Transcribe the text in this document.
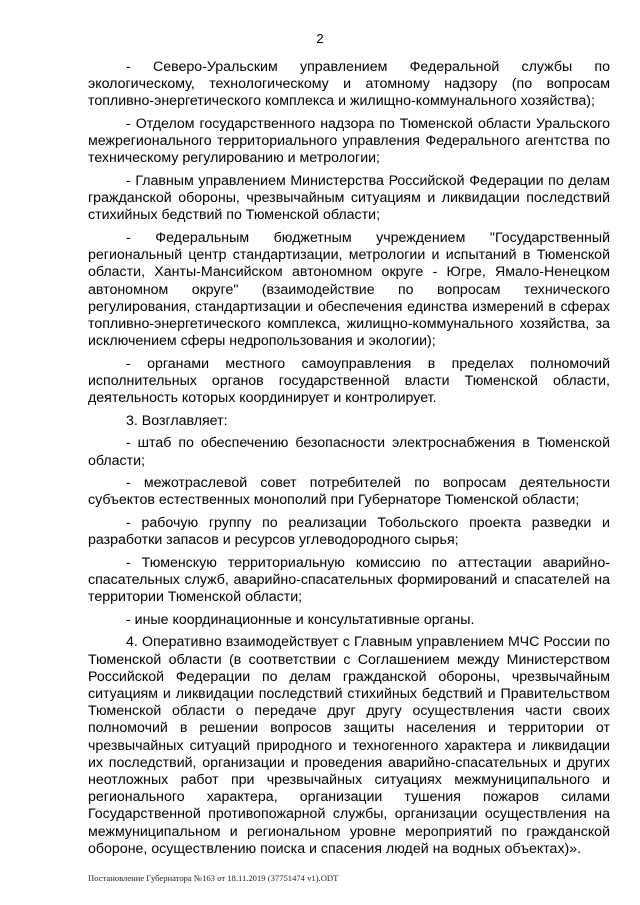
2

- Северо-Уральским управлением Федеральной службы по экологическому, технологическому и атомному надзору (по вопросам топливно-энергетического комплекса и жилищно-коммунального хозяйства);

- Отделом государственного надзора по Тюменской области Уральского межрегионального территориального управления Федерального агентства по техническому регулированию и метрологии;

- Главным управлением Министерства Российской Федерации по делам гражданской обороны, чрезвычайным ситуациям и ликвидации последствий стихийных бедствий по Тюменской области;

- Федеральным бюджетным учреждением "Государственный региональный центр стандартизации, метрологии и испытаний в Тюменской области, Ханты-Мансийском автономном округе - Югре, Ямало-Ненецком автономном округе" (взаимодействие по вопросам технического регулирования, стандартизации и обеспечения единства измерений в сферах топливно-энергетического комплекса, жилищно-коммунального хозяйства, за исключением сферы недропользования и экологии);

- органами местного самоуправления в пределах полномочий исполнительных органов государственной власти Тюменской области, деятельность которых координирует и контролирует.

3. Возглавляет:

- штаб по обеспечению безопасности электроснабжения в Тюменской области;

- межотраслевой совет потребителей по вопросам деятельности субъектов естественных монополий при Губернаторе Тюменской области;

- рабочую группу по реализации Тобольского проекта разведки и разработки запасов и ресурсов углеводородного сырья;

- Тюменскую территориальную комиссию по аттестации аварийно-спасательных служб, аварийно-спасательных формирований и спасателей на территории Тюменской области;

- иные координационные и консультативные органы.

4. Оперативно взаимодействует с Главным управлением МЧС России по Тюменской области (в соответствии с Соглашением между Министерством Российской Федерации по делам гражданской обороны, чрезвычайным ситуациям и ликвидации последствий стихийных бедствий и Правительством Тюменской области о передаче друг другу осуществления части своих полномочий в решении вопросов защиты населения и территории от чрезвычайных ситуаций природного и техногенного характера и ликвидации их последствий, организации и проведения аварийно-спасательных и других неотложных работ при чрезвычайных ситуациях межмуниципального и регионального характера, организации тушения пожаров силами Государственной противопожарной службы, организации осуществления на межмуниципальном и региональном уровне мероприятий по гражданской обороне, осуществлению поиска и спасения людей на водных объектах)».

Постановление Губернатора №163 от 18.11.2019 (37751474 v1).ODT
